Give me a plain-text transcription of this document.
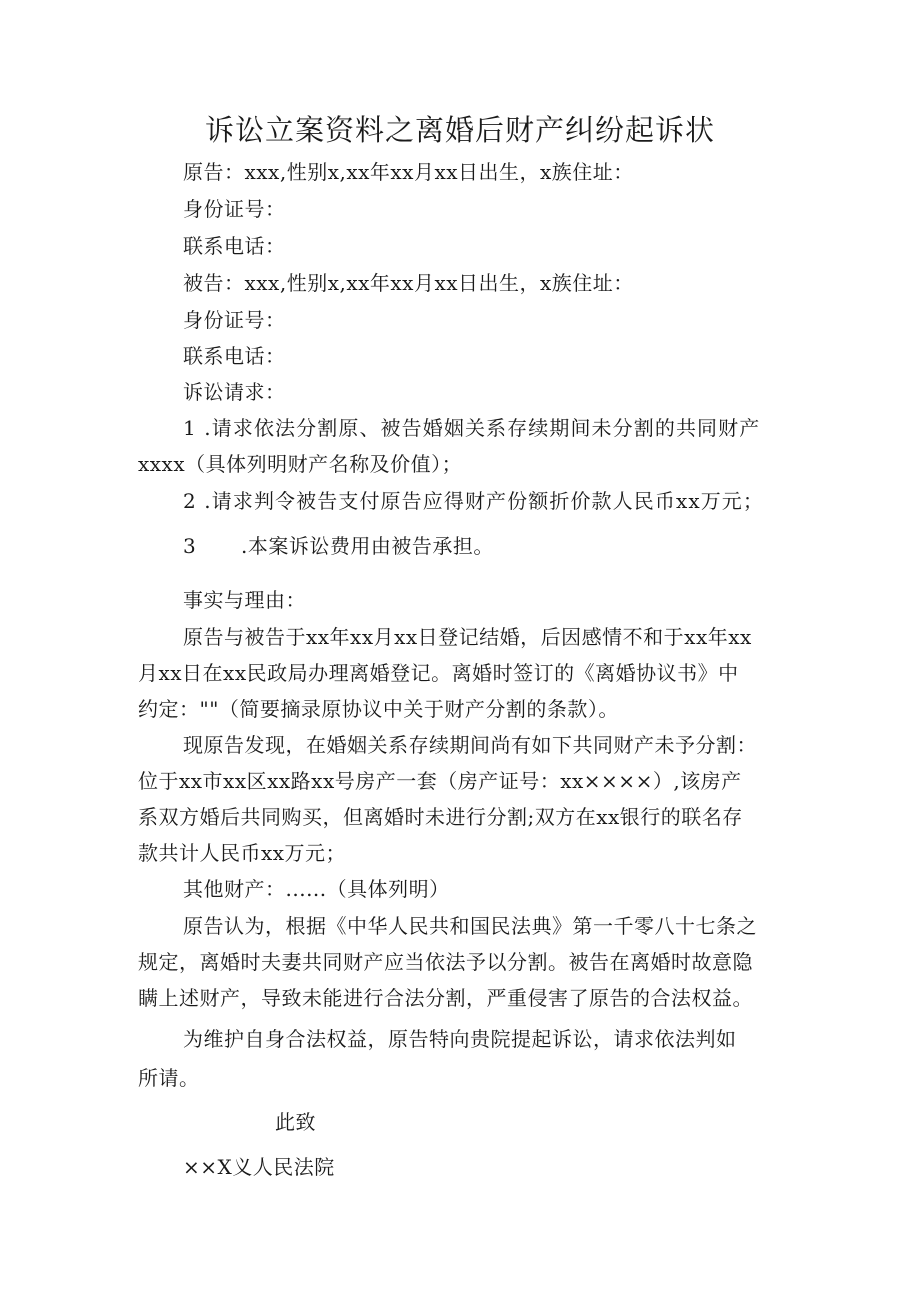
诉讼立案资料之离婚后财产纠纷起诉状
原告：xxx,性别x,xx年xx月xx日出生，x族住址：
身份证号：
联系电话：
被告：xxx,性别x,xx年xx月xx日出生，x族住址：
身份证号：
联系电话：
诉讼请求：
1 .请求依法分割原、被告婚姻关系存续期间未分割的共同财产
xxxx（具体列明财产名称及价值）；
2 .请求判令被告支付原告应得财产份额折价款人民币xx万元；
3 .本案诉讼费用由被告承担。
事实与理由：
原告与被告于xx年xx月xx日登记结婚，后因感情不和于xx年xx
月xx日在xx民政局办理离婚登记。离婚时签订的《离婚协议书》中
约定：""（简要摘录原协议中关于财产分割的条款）。
现原告发现，在婚姻关系存续期间尚有如下共同财产未予分割：
位于xx市xx区xx路xx号房产一套（房产证号：xx××××）,该房产
系双方婚后共同购买，但离婚时未进行分割;双方在xx银行的联名存
款共计人民币xx万元；
其他财产：......（具体列明）
原告认为，根据《中华人民共和国民法典》第一千零八十七条之
规定，离婚时夫妻共同财产应当依法予以分割。被告在离婚时故意隐
瞒上述财产，导致未能进行合法分割，严重侵害了原告的合法权益。
为维护自身合法权益，原告特向贵院提起诉讼，请求依法判如
所请。
此致
××X义人民法院
